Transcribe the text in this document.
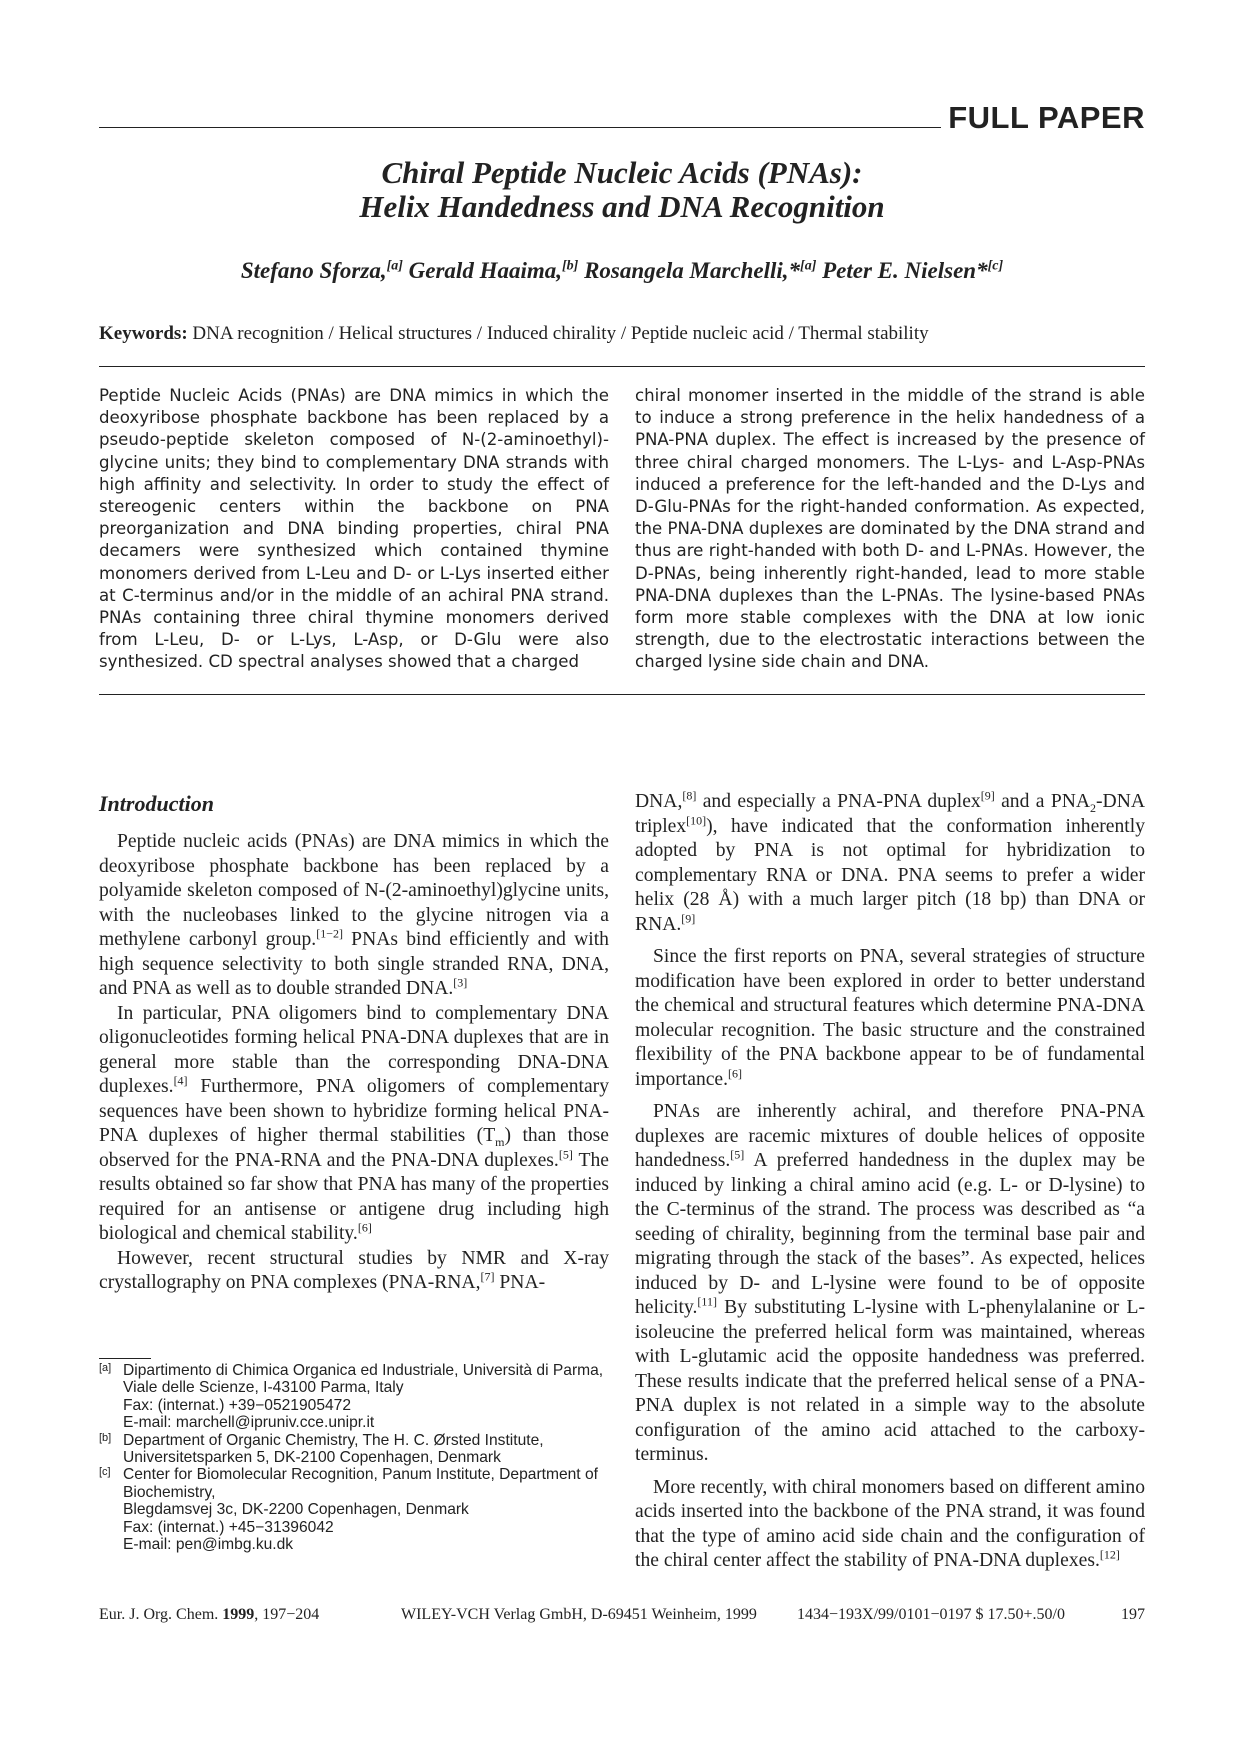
FULL PAPER
Chiral Peptide Nucleic Acids (PNAs):
Helix Handedness and DNA Recognition
Stefano Sforza,[a] Gerald Haaima,[b] Rosangela Marchelli,*[a] Peter E. Nielsen*[c]
Keywords: DNA recognition / Helical structures / Induced chirality / Peptide nucleic acid / Thermal stability
Peptide Nucleic Acids (PNAs) are DNA mimics in which the deoxyribose phosphate backbone has been replaced by a pseudo-peptide skeleton composed of N-(2-aminoethyl)-glycine units; they bind to complementary DNA strands with high affinity and selectivity. In order to study the effect of stereogenic centers within the backbone on PNA preorganization and DNA binding properties, chiral PNA decamers were synthesized which contained thymine monomers derived from L-Leu and D- or L-Lys inserted either at C-terminus and/or in the middle of an achiral PNA strand. PNAs containing three chiral thymine monomers derived from L-Leu, D- or L-Lys, L-Asp, or D-Glu were also synthesized. CD spectral analyses showed that a charged
chiral monomer inserted in the middle of the strand is able to induce a strong preference in the helix handedness of a PNA-PNA duplex. The effect is increased by the presence of three chiral charged monomers. The L-Lys- and L-Asp-PNAs induced a preference for the left-handed and the D-Lys and D-Glu-PNAs for the right-handed conformation. As expected, the PNA-DNA duplexes are dominated by the DNA strand and thus are right-handed with both D- and L-PNAs. However, the D-PNAs, being inherently right-handed, lead to more stable PNA-DNA duplexes than the L-PNAs. The lysine-based PNAs form more stable complexes with the DNA at low ionic strength, due to the electrostatic interactions between the charged lysine side chain and DNA.
Introduction

Peptide nucleic acids (PNAs) are DNA mimics in which the deoxyribose phosphate backbone has been replaced by a polyamide skeleton composed of N-(2-aminoethyl)glycine units, with the nucleobases linked to the glycine nitrogen via a methylene carbonyl group.[1−2] PNAs bind efficiently and with high sequence selectivity to both single stranded RNA, DNA, and PNA as well as to double stranded DNA.[3]

In particular, PNA oligomers bind to complementary DNA oligonucleotides forming helical PNA-DNA duplexes that are in general more stable than the corresponding DNA-DNA duplexes.[4] Furthermore, PNA oligomers of complementary sequences have been shown to hybridize forming helical PNA-PNA duplexes of higher thermal stabilities $(T_m)$ than those observed for the PNA-RNA and the PNA-DNA duplexes.[5] The results obtained so far show that PNA has many of the properties required for an antisense or antigene drug including high biological and chemical stability.[6]

However, recent structural studies by NMR and X-ray crystallography on PNA complexes (PNA-RNA,[7] PNA-

[a] Dipartimento di Chimica Organica ed Industriale, Università di Parma,
Viale delle Scienze, I-43100 Parma, Italy
Fax: (internat.) +39−0521905472
E-mail: marchell@ipruniv.cce.unipr.it
[b] Department of Organic Chemistry, The H. C. Ørsted Institute,
Universitetsparken 5, DK-2100 Copenhagen, Denmark
[c] Center for Biomolecular Recognition, Panum Institute, Department of Biochemistry,
Blegdamsvej 3c, DK-2200 Copenhagen, Denmark
Fax: (internat.) +45−31396042
E-mail: pen@imbg.ku.dk

DNA,[8] and especially a PNA-PNA duplex[9] and a $PNA_2$-DNA triplex[10]), have indicated that the conformation inherently adopted by PNA is not optimal for hybridization to complementary RNA or DNA. PNA seems to prefer a wider helix (28 Å) with a much larger pitch (18 bp) than DNA or RNA.[9]

Since the first reports on PNA, several strategies of structure modification have been explored in order to better understand the chemical and structural features which determine PNA-DNA molecular recognition. The basic structure and the constrained flexibility of the PNA backbone appear to be of fundamental importance.[6]

PNAs are inherently achiral, and therefore PNA-PNA duplexes are racemic mixtures of double helices of opposite handedness.[5] A preferred handedness in the duplex may be induced by linking a chiral amino acid (e.g. L- or D-lysine) to the C-terminus of the strand. The process was described as “a seeding of chirality, beginning from the terminal base pair and migrating through the stack of the bases”. As expected, helices induced by D- and L-lysine were found to be of opposite helicity.[11] By substituting L-lysine with L-phenylalanine or L-isoleucine the preferred helical form was maintained, whereas with L-glutamic acid the opposite handedness was preferred. These results indicate that the preferred helical sense of a PNA-PNA duplex is not related in a simple way to the absolute configuration of the amino acid attached to the carboxy-terminus.

More recently, with chiral monomers based on different amino acids inserted into the backbone of the PNA strand, it was found that the type of amino acid side chain and the configuration of the chiral center affect the stability of PNA-DNA duplexes.[12]

Eur. J. Org. Chem. 1999, 197−204	WILEY-VCH Verlag GmbH, D-69451 Weinheim, 1999	1434−193X/99/0101−0197 $ 17.50+.50/0	197
